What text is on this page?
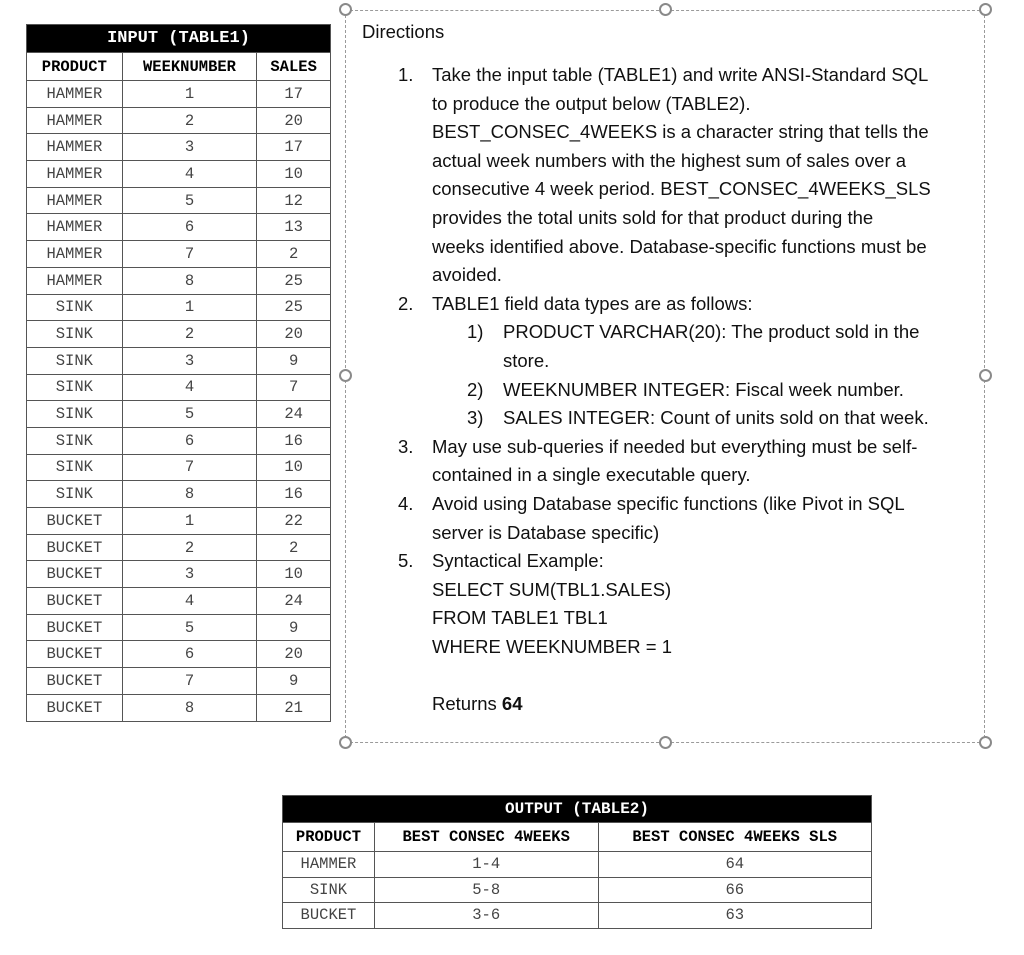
INPUT (TABLE1)		
PRODUCT	WEEKNUMBER	SALES
HAMMER	1	17
HAMMER	2	20
HAMMER	3	17
HAMMER	4	10
HAMMER	5	12
HAMMER	6	13
HAMMER	7	2
HAMMER	8	25
SINK	1	25
SINK	2	20
SINK	3	9
SINK	4	7
SINK	5	24
SINK	6	16
SINK	7	10
SINK	8	16
BUCKET	1	22
BUCKET	2	2
BUCKET	3	10
BUCKET	4	24
BUCKET	5	9
BUCKET	6	20
BUCKET	7	9
BUCKET	8	21
Directions
1. Take the input table (TABLE1) and write ANSI-Standard SQL
to produce the output below (TABLE2).
BEST_CONSEC_4WEEKS is a character string that tells the
actual week numbers with the highest sum of sales over a
consecutive 4 week period. BEST_CONSEC_4WEEKS_SLS
provides the total units sold for that product during the
weeks identified above. Database-specific functions must be
avoided.
2. TABLE1 field data types are as follows:
1) PRODUCT VARCHAR(20): The product sold in the
store.
2) WEEKNUMBER INTEGER: Fiscal week number.
3) SALES INTEGER: Count of units sold on that week.
3. May use sub-queries if needed but everything must be self-
contained in a single executable query.
4. Avoid using Database specific functions (like Pivot in SQL
server is Database specific)
5. Syntactical Example:
SELECT SUM(TBL1.SALES)
FROM TABLE1 TBL1
WHERE WEEKNUMBER = 1
Returns 64
OUTPUT (TABLE2)		
PRODUCT	BEST CONSEC 4WEEKS	BEST CONSEC 4WEEKS SLS
HAMMER	1-4	64
SINK	5-8	66
BUCKET	3-6	63
